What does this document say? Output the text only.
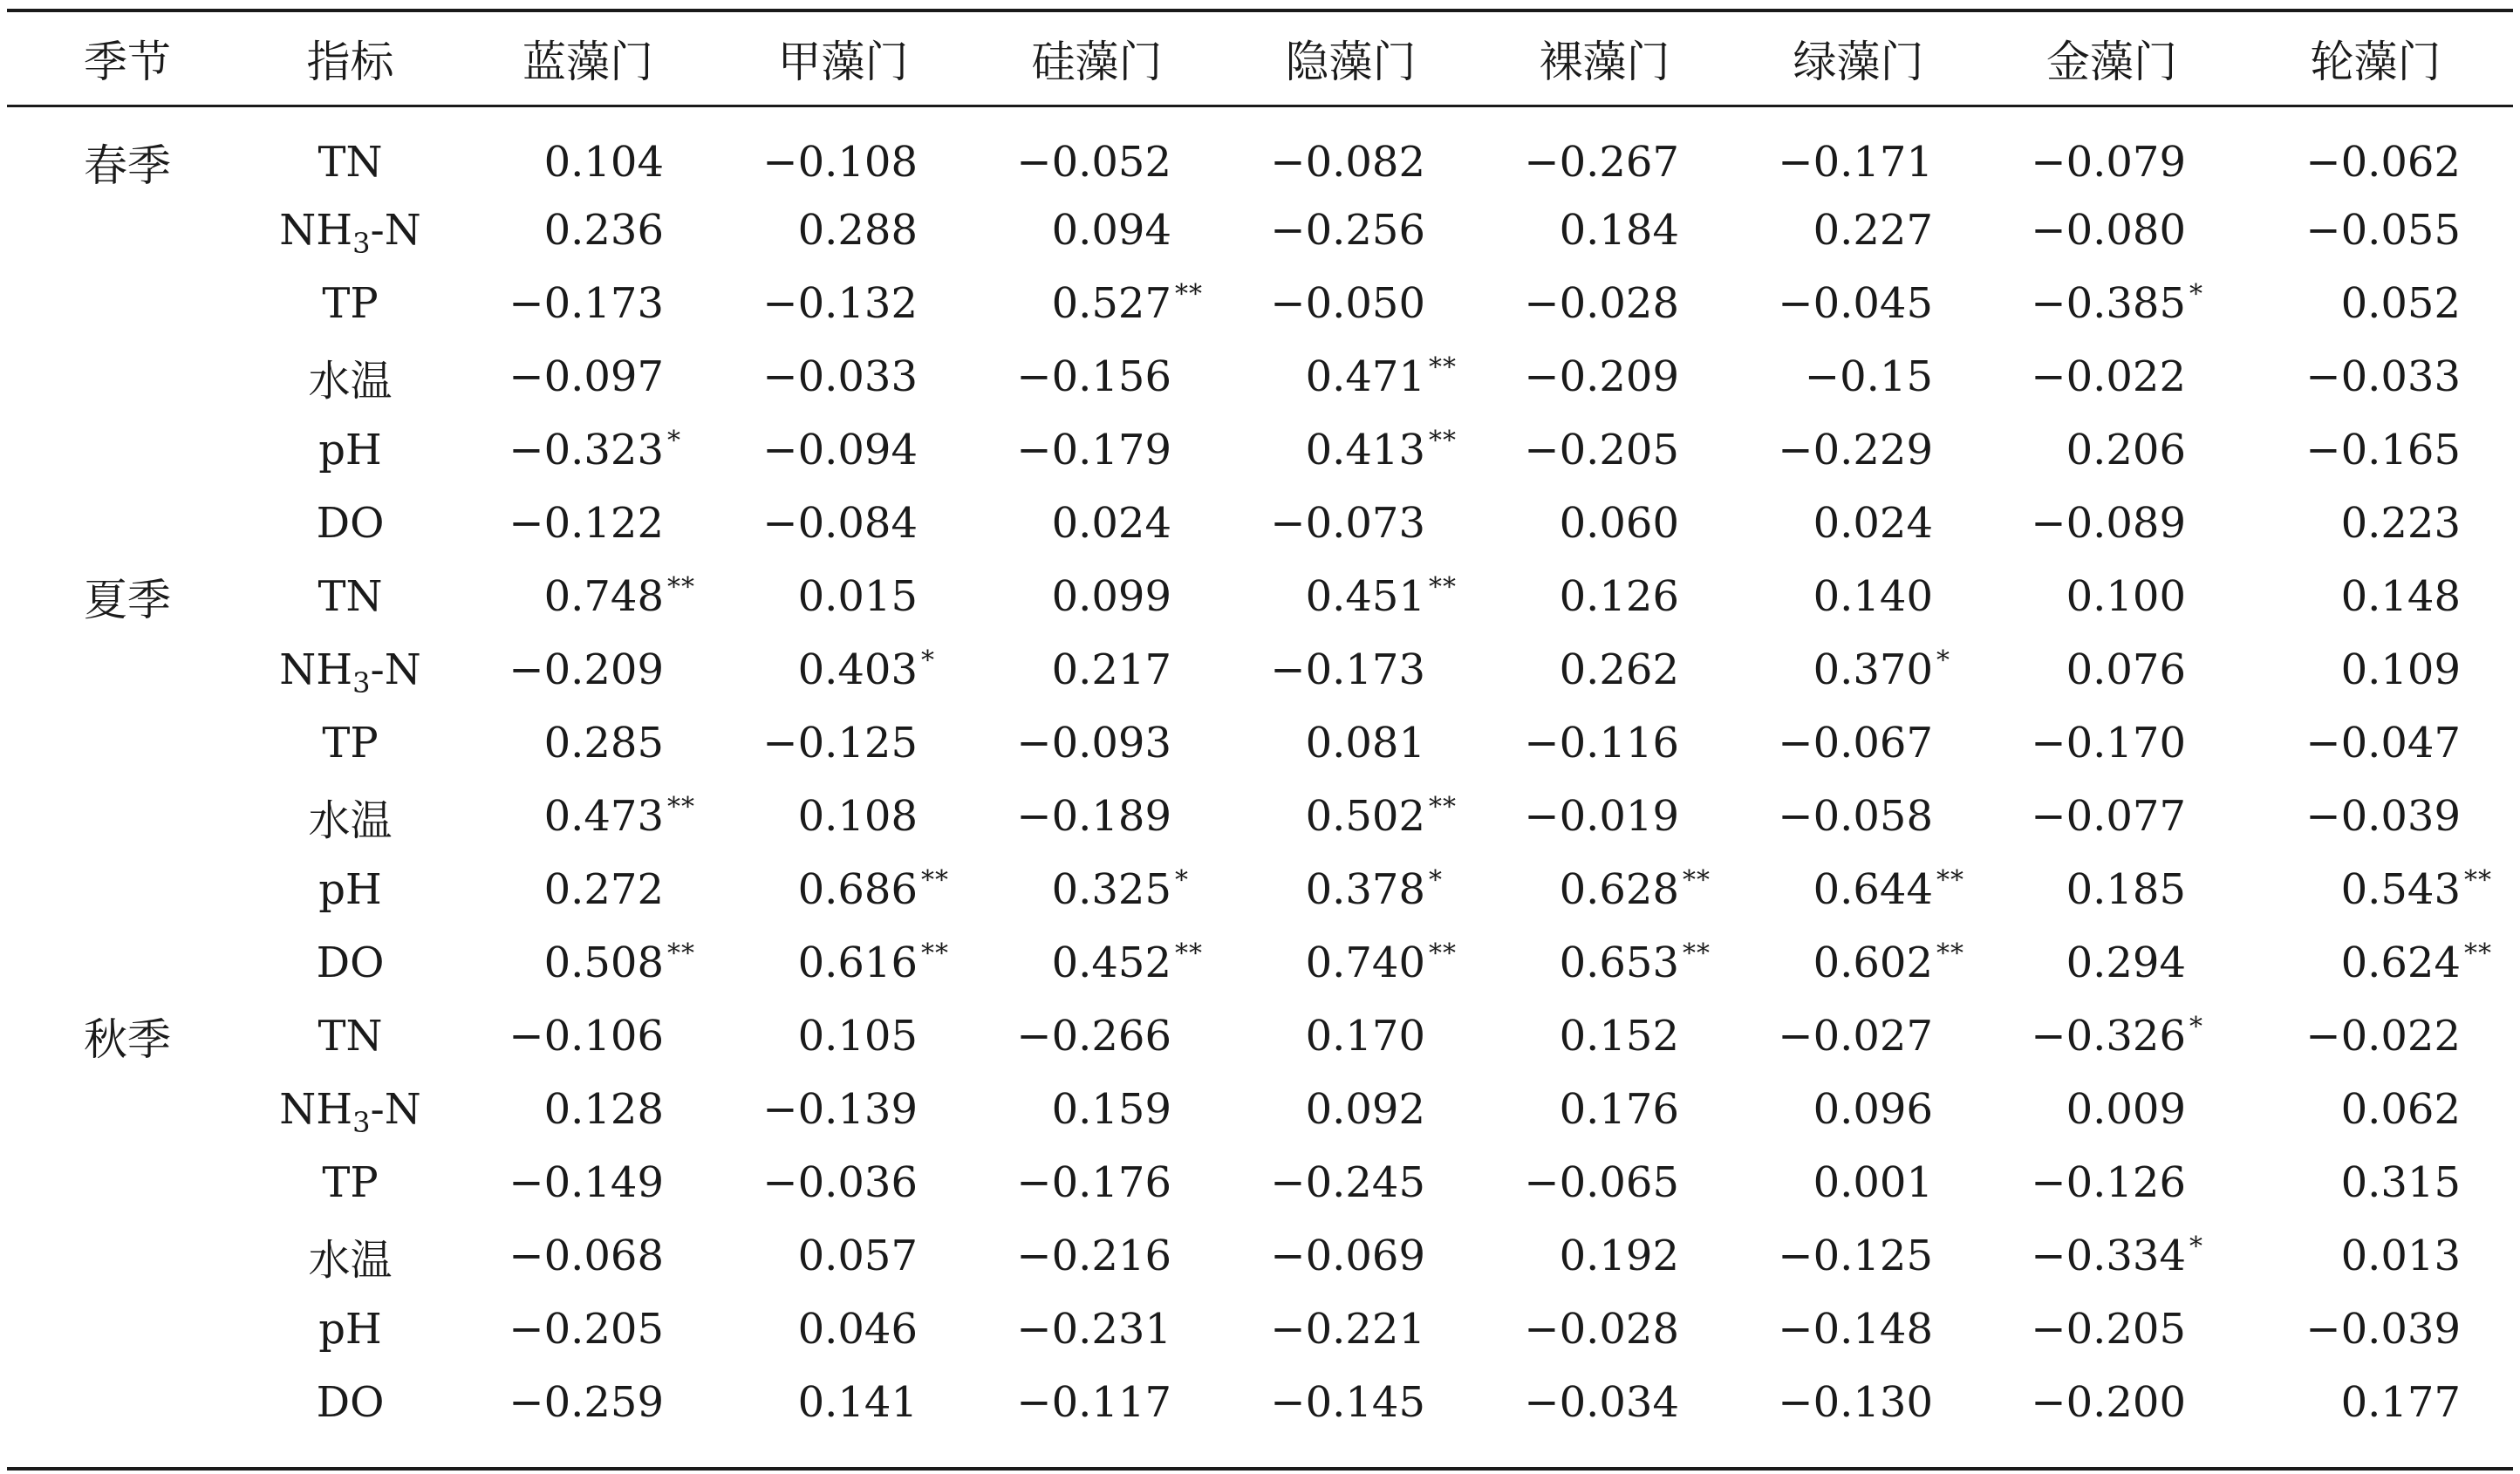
季节	指标	蓝藻门	甲藻门	硅藻门	隐藻门	裸藻门	绿藻门	金藻门	轮藻门
春季	TN	0.104	−0.108	−0.052	−0.082	−0.267	−0.171	−0.079	−0.062
	$NH_3-N$	0.236	0.288	0.094	−0.256	0.184	0.227	−0.080	−0.055
	TP	−0.173	−0.132	0.527 **	−0.050	−0.028	−0.045	−0.385 *	0.052
	水温	−0.097	−0.033	−0.156	0.471 **	−0.209	−0.15	−0.022	−0.033
	pH	−0.323 *	−0.094	−0.179	0.413 **	−0.205	−0.229	0.206	−0.165
	DO	−0.122	−0.084	0.024	−0.073	0.060	0.024	−0.089	0.223
夏季	TN	0.748 **	0.015	0.099	0.451 **	0.126	0.140	0.100	0.148
	$NH_3-N$	−0.209	0.403 *	0.217	−0.173	0.262	0.370 *	0.076	0.109
	TP	0.285	−0.125	−0.093	0.081	−0.116	−0.067	−0.170	−0.047
	水温	0.473 **	0.108	−0.189	0.502 **	−0.019	−0.058	−0.077	−0.039
	pH	0.272	0.686 **	0.325 *	0.378 *	0.628 **	0.644 **	0.185	0.543 **

	DO	0.508 **	0.616 **	0.452 **	0.740 **	0.653 **	0.602 **	0.294	0.624 **

秋季	TN	−0.106	0.105	−0.266	0.170	0.152	−0.027	−0.326 *	−0.022
	$NH_3-N$	0.128	−0.139	0.159	0.092	0.176	0.096	0.009	0.062
	TP	−0.149	−0.036	−0.176	−0.245	−0.065	0.001	−0.126	0.315
	水温	−0.068	0.057	−0.216	−0.069	0.192	−0.125	−0.334 *	0.013
	pH	−0.205	0.046	−0.231	−0.221	−0.028	−0.148	−0.205	−0.039
	DO	−0.259	0.141	−0.117	−0.145	−0.034	−0.130	−0.200	0.177
